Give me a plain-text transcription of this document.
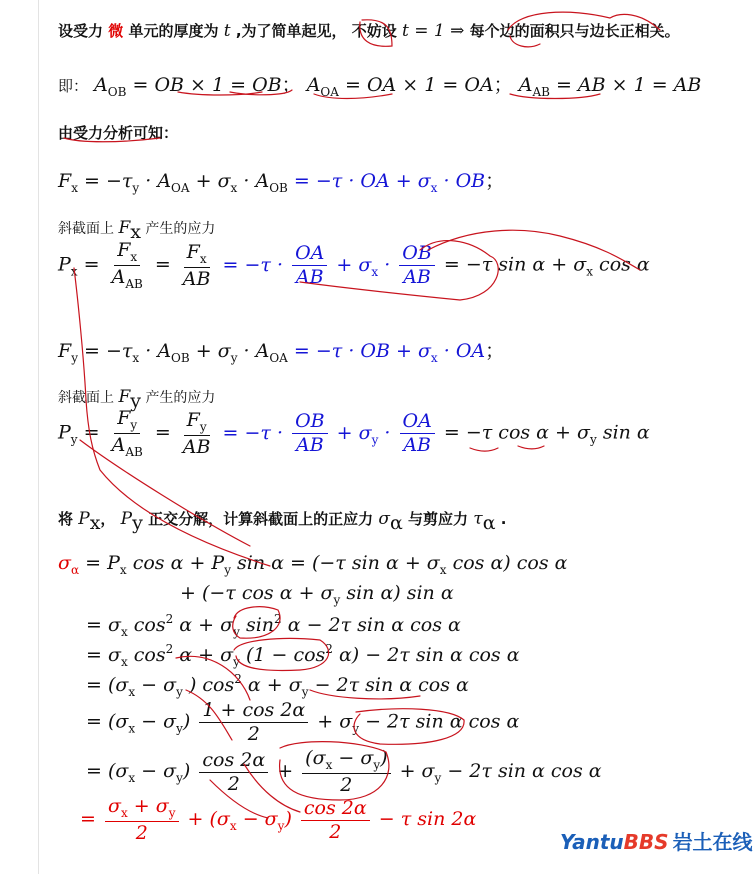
设受力 微 单元的厚度为 t ,为了简单起见， 不妨设 t = 1 ⇒ 每个边的面积只与边长正相关。
即： $A_{OB}$ = OB × 1 = OB； $A_{OA}$ = OA × 1 = OA； $A_{AB}$ = AB × 1 = AB
由受力分析可知：
$F_x = -\tau_y \cdot A_{OA} + \sigma_x \cdot A_{OB} = -\tau$ · OA + $\sigma_x$ · OB；
斜截面上 $F_x$ 产生的应力
$P_x = \frac{F_x}{A_{AB}} = \frac{F_x}{AB} = -\tau \cdot \frac{OA}{AB} + \sigma_x \cdot \frac{OB}{AB} = -\tau$ $\sin \alpha + \sigma_x$ cos α
$F_y = -\tau_x \cdot A_{OB} + \sigma_y \cdot A_{OA} = -\tau$ · OB + $\sigma_x$ · OA；
斜截面上 $F_y$ 产生的应力
$P_y = \frac{F_y}{A_{AB}} = \frac{F_y}{AB} = -\tau \cdot \frac{OB}{AB} + \sigma_y \cdot \frac{OA}{AB} = -\tau$ $\cos \alpha + \sigma_y$ sin α
将 $P_x$， $P_y$ 正交分解，计算斜截面上的正应力 $\sigma_\alpha$ 与剪应力 $\tau_\alpha$ .
$\sigma_\alpha = P_x$ $\cos \alpha + P_y$ sin α = (−τ $\sin \alpha + \sigma_x$ cos α) cos α
+ (−τ $\cos \alpha + \sigma_y$ sin α) sin α
= $\sigma_x$ $\cos^2 \alpha + \sigma_y$ $\sin^2 \alpha - 2\tau$ sin α cos α
= $\sigma_x$ $\cos^2 \alpha + \sigma_y$ $(1 - \cos^2 \alpha) - 2\tau$ sin α cos α
= ($\sigma_x - \sigma_y$ ) $\cos^2 \alpha + \sigma_y - 2\tau$ sin α cos α
= $(\sigma_x - \sigma_y) \frac{1 + \cos 2\alpha}{2} + \sigma_y - 2\tau$ sin α cos α
= $(\sigma_x - \sigma_y) \frac{\cos 2\alpha}{2} + \frac{(\sigma_x - \sigma_y)}{2} + \sigma_y - 2\tau$ sin α cos α
= $\frac{\sigma_x + \sigma_y}{2} + (\sigma_x - \sigma_y) \frac{\cos 2\alpha}{2} - \tau$ sin 2α
YantuBBS 岩土在线
